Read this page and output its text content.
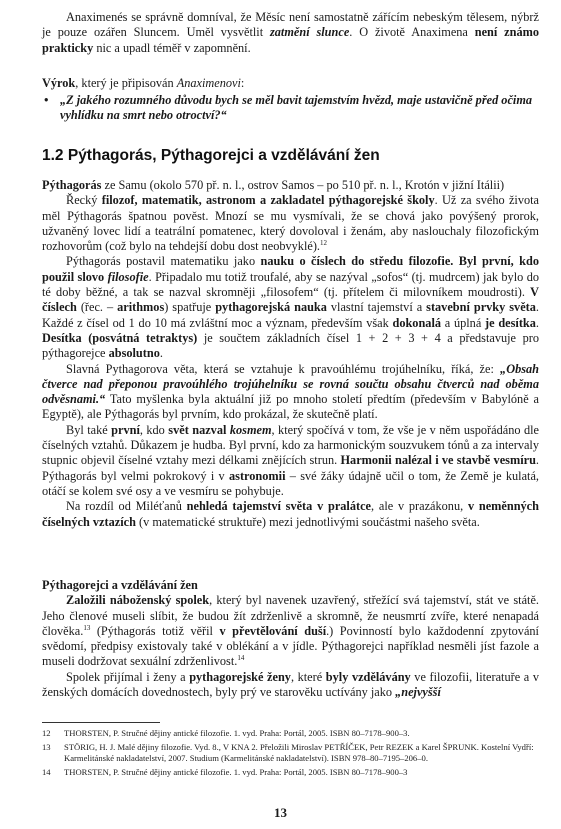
Anaximenés se správně domníval, že Měsíc není samostatně zářícím nebeským tělesem, nýbrž je pouze ozářen Sluncem. Uměl vysvětlit zatmění slunce. O životě Anaximena není známo prakticky nic a upadl téměř v zapomnění.

Výrok, který je připisován Anaximenovi:

• „Z jakého rozumného důvodu bych se měl bavit tajemstvím hvězd, maje ustavičně před očima vyhlídku na smrt nebo otroctví?“

1.2 Pýthagorás, Pýthagorejci a vzdělávání žen

Pýthagorás ze Samu (okolo 570 př. n. l., ostrov Samos – po 510 př. n. l., Krotón v jižní Itálii)

Řecký filozof, matematik, astronom a zakladatel pýthagorejské školy. Už za svého života měl Pýthagorás špatnou pověst. Mnozí se mu vysmívali, že se chová jako povýšený prorok, užvaněný lovec lidí a teatrální pomatenec, který dovoloval i ženám, aby naslouchaly filozofickým rozhovorům (což bylo na tehdejší dobu dost neobvyklé).$^{12}$

Pýthagorás postavil matematiku jako nauku o číslech do středu filozofie. Byl první, kdo použil slovo filosofie. Připadalo mu totiž troufalé, aby se nazýval „sofos“ (tj. mudrcem) jak bylo do té doby běžné, a tak se nazval skromněji „filosofem“ (tj. přítelem či milovníkem moudrosti). V číslech (řec. – arithmos) spatřuje pythagorejská nauka vlastní tajemství a stavební prvky světa. Každé z čísel od 1 do 10 má zvláštní moc a význam, především však dokonalá a úplná je desítka. Desítka (posvátná tetraktys) je součtem základních čísel 1 + 2 + 3 + 4 a představuje pro pýthagorejce absolutno.

Slavná Pythagorova věta, která se vztahuje k pravoúhlému trojúhelníku, říká, že: „Obsah čtverce nad přeponou pravoúhlého trojúhelníku se rovná součtu obsahu čtverců nad oběma odvěsnami.“ Tato myšlenka byla aktuální již po mnoho století předtím (především v Babylóně a Egyptě), ale Pýthagorás byl prvním, kdo prokázal, že skutečně platí.

Byl také první, kdo svět nazval kosmem, který spočívá v tom, že vše je v něm uspořádáno dle číselných vztahů. Důkazem je hudba. Byl první, kdo za harmonickým souzvukem tónů a za intervaly stupnic objevil číselné vztahy mezi délkami znějících strun. Harmonii nalézal i ve stavbě vesmíru. Pýthagorás byl velmi pokrokový i v astronomii – své žáky údajně učil o tom, že Země je kulatá, otáčí se kolem své osy a ve vesmíru se pohybuje.

Na rozdíl od Miléťanů nehledá tajemství světa v pralátce, ale v prazákonu, v neměnných číselných vztazích (v matematické struktuře) mezi jednotlivými součástmi našeho světa.

Pýthagorejci a vzdělávání žen

Založili náboženský spolek, který byl navenek uzavřený, střežící svá tajemství, stát ve státě. Jeho členové museli slíbit, že budou žít zdrženlivě a skromně, že neusmrtí zvíře, které nenapadá člověka.$^{13}$ (Pýthagorás totiž věřil v převtělování duší.) Povinností bylo každodenní zpytování svědomí, předpisy existovaly také v oblékání a v jídle. Pýthagorejci například nesměli jíst fazole a museli dodržovat sexuální zdrženlivost.$^{14}$

Spolek přijímal i ženy a pythagorejské ženy, které byly vzdělávány ve filozofii, literatuře a v ženských domácích dovednostech, byly prý ve starověku uctívány jako „nejvyšší

12 THORSTEN, P. Stručné dějiny antické filozofie. 1. vyd. Praha: Portál, 2005. ISBN 80–7178–900–3.
13 STÖRIG, H. J. Malé dějiny filozofie. Vyd. 8., V KNA 2. Přeložili Miroslav PETŘÍČEK, Petr REZEK a Karel ŠPRUNK. Kostelní Vydří: Karmelitánské nakladatelství, 2007. Studium (Karmelitánské nakladatelství). ISBN 978–80–7195–206–0.
14 THORSTEN, P. Stručné dějiny antické filozofie. 1. vyd. Praha: Portál, 2005. ISBN 80–7178–900–3
13
